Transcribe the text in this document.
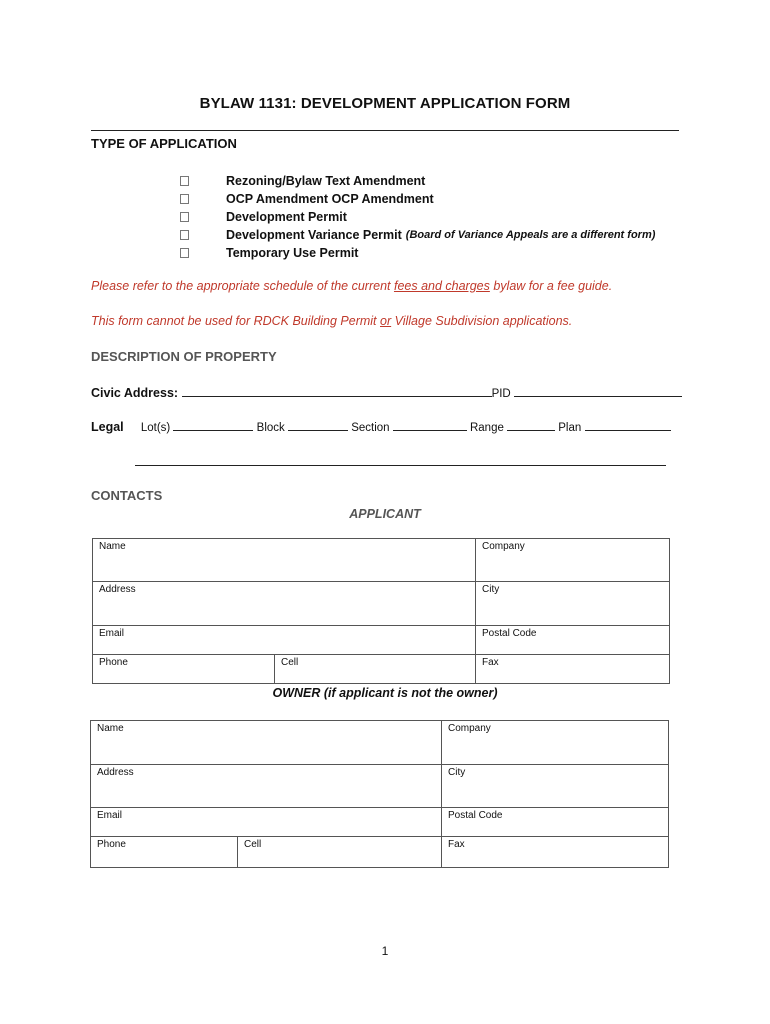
BYLAW 1131: DEVELOPMENT APPLICATION FORM
TYPE OF APPLICATION
Rezoning/Bylaw Text Amendment
OCP Amendment OCP Amendment
Development Permit
Development Variance Permit (Board of Variance Appeals are a different form)
Temporary Use Permit
Please refer to the appropriate schedule of the current fees and charges bylaw for a fee guide.
This form cannot be used for RDCK Building Permit or Village Subdivision applications.
DESCRIPTION OF PROPERTY
Civic Address:	PID
Legal Lot(s)	Block	Section	Range	Plan
CONTACTS
APPLICANT
Name		Company
Address		City
Email		Postal Code
Phone	Cell	Fax
OWNER (if applicant is not the owner)
Name		Company
Address		City
Email		Postal Code
Phone	Cell	Fax
1
